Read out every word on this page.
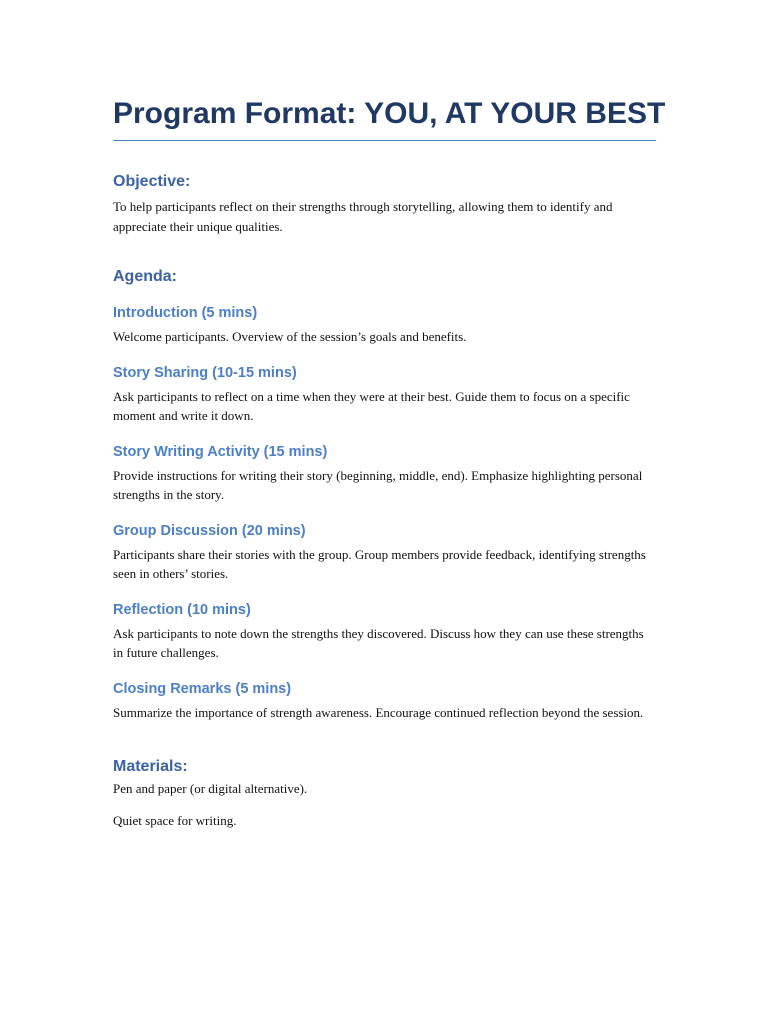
Program Format: YOU, AT YOUR BEST
Objective:

To help participants reflect on their strengths through storytelling, allowing them to identify and appreciate their unique qualities.

Agenda:
Introduction (5 mins)

Welcome participants. Overview of the session’s goals and benefits.

Story Sharing (10-15 mins)

Ask participants to reflect on a time when they were at their best. Guide them to focus on a specific moment and write it down.

Story Writing Activity (15 mins)

Provide instructions for writing their story (beginning, middle, end). Emphasize highlighting personal strengths in the story.

Group Discussion (20 mins)

Participants share their stories with the group. Group members provide feedback, identifying strengths seen in others’ stories.

Reflection (10 mins)

Ask participants to note down the strengths they discovered. Discuss how they can use these strengths in future challenges.

Closing Remarks (5 mins)

Summarize the importance of strength awareness. Encourage continued reflection beyond the session.

Materials:

Pen and paper (or digital alternative).

Quiet space for writing.
